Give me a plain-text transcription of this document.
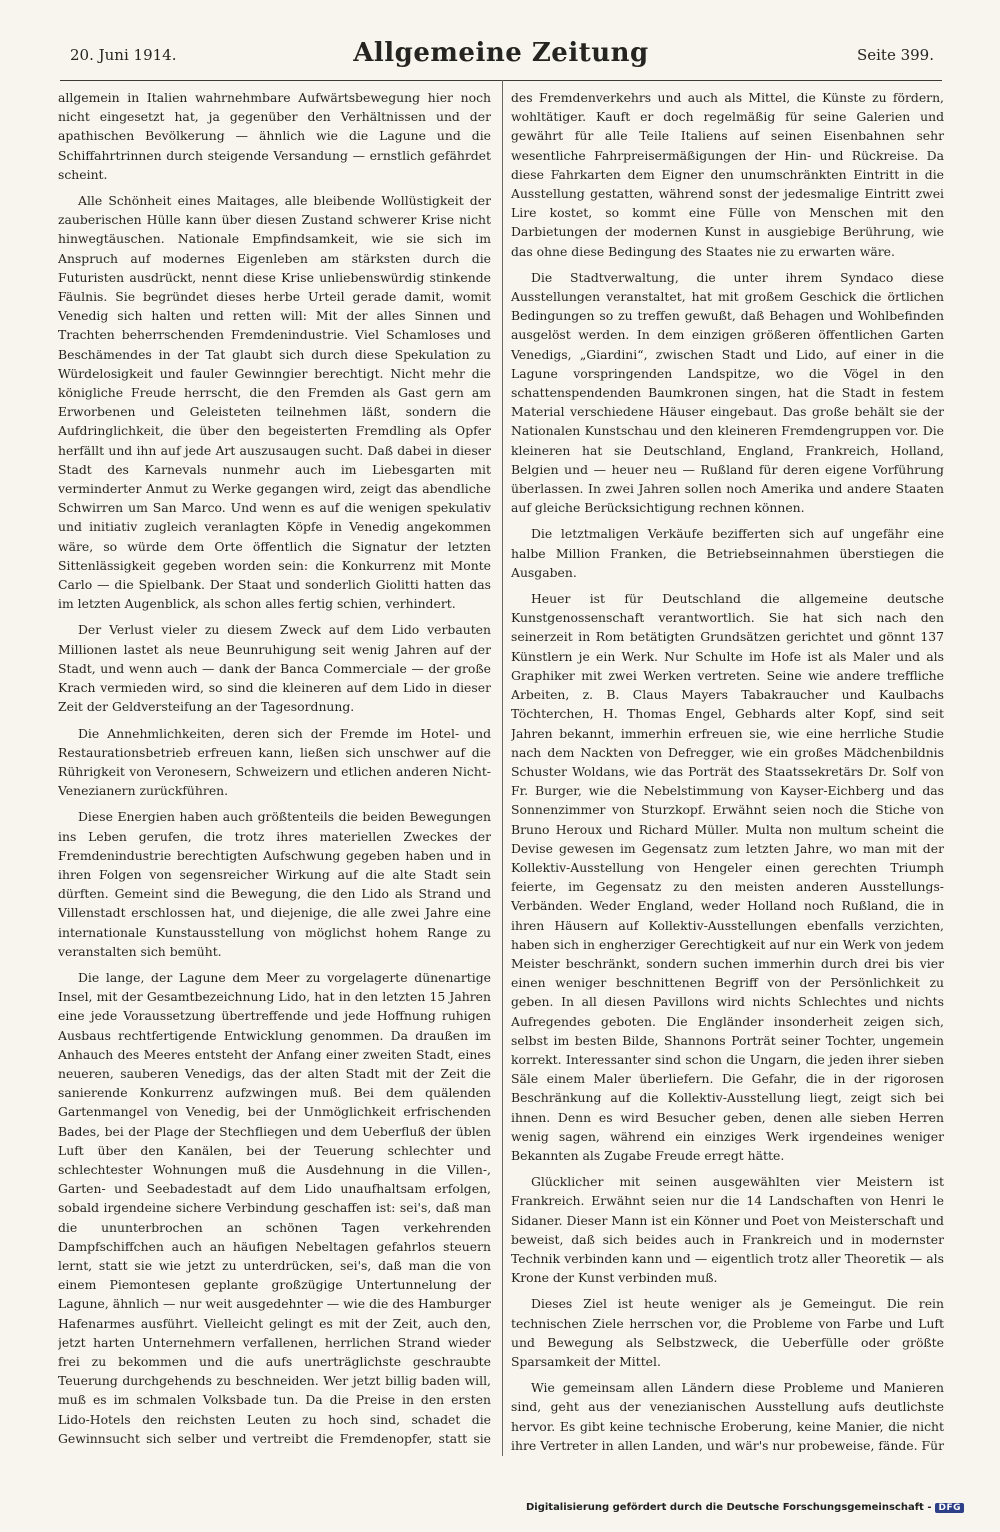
20. Juni 1914.	Allgemeine Zeitung	Seite 399.

allgemein in Italien wahrnehmbare Aufwärtsbewegung hier noch nicht eingesetzt hat, ja gegenüber den Verhältnissen und der apathischen Bevölkerung — ähnlich wie die Lagune und die Schiffahrtrinnen durch steigende Versandung — ernstlich gefährdet scheint.

Alle Schönheit eines Maitages, alle bleibende Wollüstigkeit der zauberischen Hülle kann über diesen Zustand schwerer Krise nicht hinwegtäuschen. Nationale Empfindsamkeit, wie sie sich im Anspruch auf modernes Eigenleben am stärksten durch die Futuristen ausdrückt, nennt diese Krise unliebenswürdig stinkende Fäulnis. Sie begründet dieses herbe Urteil gerade damit, womit Venedig sich halten und retten will: Mit der alles Sinnen und Trachten beherrschenden Fremdenindustrie. Viel Schamloses und Beschämendes in der Tat glaubt sich durch diese Spekulation zu Würdelosigkeit und fauler Gewinngier berechtigt. Nicht mehr die königliche Freude herrscht, die den Fremden als Gast gern am Erworbenen und Geleisteten teilnehmen läßt, sondern die Aufdringlichkeit, die über den begeisterten Fremdling als Opfer herfällt und ihn auf jede Art auszusaugen sucht. Daß dabei in dieser Stadt des Karnevals nunmehr auch im Liebesgarten mit verminderter Anmut zu Werke gegangen wird, zeigt das abendliche Schwirren um San Marco. Und wenn es auf die wenigen spekulativ und initiativ zugleich veranlagten Köpfe in Venedig angekommen wäre, so würde dem Orte öffentlich die Signatur der letzten Sittenlässigkeit gegeben worden sein: die Konkurrenz mit Monte Carlo — die Spielbank. Der Staat und sonderlich Giolitti hatten das im letzten Augenblick, als schon alles fertig schien, verhindert.

Der Verlust vieler zu diesem Zweck auf dem Lido verbauten Millionen lastet als neue Beunruhigung seit wenig Jahren auf der Stadt, und wenn auch — dank der Banca Commerciale — der große Krach vermieden wird, so sind die kleineren auf dem Lido in dieser Zeit der Geldversteifung an der Tagesordnung.

Die Annehmlichkeiten, deren sich der Fremde im Hotel- und Restaurationsbetrieb erfreuen kann, ließen sich unschwer auf die Rührigkeit von Veronesern, Schweizern und etlichen anderen Nicht-Venezianern zurückführen.

Diese Energien haben auch größtenteils die beiden Bewegungen ins Leben gerufen, die trotz ihres materiellen Zweckes der Fremdenindustrie berechtigten Aufschwung gegeben haben und in ihren Folgen von segensreicher Wirkung auf die alte Stadt sein dürften. Gemeint sind die Bewegung, die den Lido als Strand und Villenstadt erschlossen hat, und diejenige, die alle zwei Jahre eine internationale Kunstausstellung von möglichst hohem Range zu veranstalten sich bemüht.

Die lange, der Lagune dem Meer zu vorgelagerte dünenartige Insel, mit der Gesamtbezeichnung Lido, hat in den letzten 15 Jahren eine jede Voraussetzung übertreffende und jede Hoffnung ruhigen Ausbaus rechtfertigende Entwicklung genommen. Da draußen im Anhauch des Meeres entsteht der Anfang einer zweiten Stadt, eines neueren, sauberen Venedigs, das der alten Stadt mit der Zeit die sanierende Konkurrenz aufzwingen muß. Bei dem quälenden Gartenmangel von Venedig, bei der Unmöglichkeit erfrischenden Bades, bei der Plage der Stechfliegen und dem Ueberfluß der üblen Luft über den Kanälen, bei der Teuerung schlechter und schlechtester Wohnungen muß die Ausdehnung in die Villen-, Garten- und Seebadestadt auf dem Lido unaufhaltsam erfolgen, sobald irgendeine sichere Verbindung geschaffen ist: sei's, daß man die ununterbrochen an schönen Tagen verkehrenden Dampfschiffchen auch an häufigen Nebeltagen gefahrlos steuern lernt, statt sie wie jetzt zu unterdrücken, sei's, daß man die von einem Piemontesen geplante großzügige Untertunnelung der Lagune, ähnlich — nur weit ausgedehnter — wie die des Hamburger Hafenarmes ausführt. Vielleicht gelingt es mit der Zeit, auch den, jetzt harten Unternehmern verfallenen, herrlichen Strand wieder frei zu bekommen und die aufs unerträglichste geschraubte Teuerung durchgehends zu beschneiden. Wer jetzt billig baden will, muß es im schmalen Volksbade tun. Da die Preise in den ersten Lido-Hotels den reichsten Leuten zu hoch sind, schadet die Gewinnsucht sich selber und vertreibt die Fremdenopfer, statt sie

des Fremdenverkehrs und auch als Mittel, die Künste zu fördern, wohltätiger. Kauft er doch regelmäßig für seine Galerien und gewährt für alle Teile Italiens auf seinen Eisenbahnen sehr wesentliche Fahrpreisermäßigungen der Hin- und Rückreise. Da diese Fahrkarten dem Eigner den unumschränkten Eintritt in die Ausstellung gestatten, während sonst der jedesmalige Eintritt zwei Lire kostet, so kommt eine Fülle von Menschen mit den Darbietungen der modernen Kunst in ausgiebige Berührung, wie das ohne diese Bedingung des Staates nie zu erwarten wäre.

Die Stadtverwaltung, die unter ihrem Syndaco diese Ausstellungen veranstaltet, hat mit großem Geschick die örtlichen Bedingungen so zu treffen gewußt, daß Behagen und Wohlbefinden ausgelöst werden. In dem einzigen größeren öffentlichen Garten Venedigs, „Giardini“, zwischen Stadt und Lido, auf einer in die Lagune vorspringenden Landspitze, wo die Vögel in den schattenspendenden Baumkronen singen, hat die Stadt in festem Material verschiedene Häuser eingebaut. Das große behält sie der Nationalen Kunstschau und den kleineren Fremdengruppen vor. Die kleineren hat sie Deutschland, England, Frankreich, Holland, Belgien und — heuer neu — Rußland für deren eigene Vorführung überlassen. In zwei Jahren sollen noch Amerika und andere Staaten auf gleiche Berücksichtigung rechnen können.

Die letztmaligen Verkäufe bezifferten sich auf ungefähr eine halbe Million Franken, die Betriebseinnahmen überstiegen die Ausgaben.

Heuer ist für Deutschland die allgemeine deutsche Kunstgenossenschaft verantwortlich. Sie hat sich nach den seinerzeit in Rom betätigten Grundsätzen gerichtet und gönnt 137 Künstlern je ein Werk. Nur Schulte im Hofe ist als Maler und als Graphiker mit zwei Werken vertreten. Seine wie andere treffliche Arbeiten, z. B. Claus Mayers Tabakraucher und Kaulbachs Töchterchen, H. Thomas Engel, Gebhards alter Kopf, sind seit Jahren bekannt, immerhin erfreuen sie, wie eine herrliche Studie nach dem Nackten von Defregger, wie ein großes Mädchenbildnis Schuster Woldans, wie das Porträt des Staatssekretärs Dr. Solf von Fr. Burger, wie die Nebelstimmung von Kayser-Eichberg und das Sonnenzimmer von Sturzkopf. Erwähnt seien noch die Stiche von Bruno Heroux und Richard Müller. Multa non multum scheint die Devise gewesen im Gegensatz zum letzten Jahre, wo man mit der Kollektiv-Ausstellung von Hengeler einen gerechten Triumph feierte, im Gegensatz zu den meisten anderen Ausstellungs-Verbänden. Weder England, weder Holland noch Rußland, die in ihren Häusern auf Kollektiv-Ausstellungen ebenfalls verzichten, haben sich in engherziger Gerechtigkeit auf nur ein Werk von jedem Meister beschränkt, sondern suchen immerhin durch drei bis vier einen weniger beschnittenen Begriff von der Persönlichkeit zu geben. In all diesen Pavillons wird nichts Schlechtes und nichts Aufregendes geboten. Die Engländer insonderheit zeigen sich, selbst im besten Bilde, Shannons Porträt seiner Tochter, ungemein korrekt. Interessanter sind schon die Ungarn, die jeden ihrer sieben Säle einem Maler überliefern. Die Gefahr, die in der rigorosen Beschränkung auf die Kollektiv-Ausstellung liegt, zeigt sich bei ihnen. Denn es wird Besucher geben, denen alle sieben Herren wenig sagen, während ein einziges Werk irgendeines weniger Bekannten als Zugabe Freude erregt hätte.

Glücklicher mit seinen ausgewählten vier Meistern ist Frankreich. Erwähnt seien nur die 14 Landschaften von Henri le Sidaner. Dieser Mann ist ein Könner und Poet von Meisterschaft und beweist, daß sich beides auch in Frankreich und in modernster Technik verbinden kann und — eigentlich trotz aller Theoretik — als Krone der Kunst verbinden muß.

Dieses Ziel ist heute weniger als je Gemeingut. Die rein technischen Ziele herrschen vor, die Probleme von Farbe und Luft und Bewegung als Selbstzweck, die Ueberfülle oder größte Sparsamkeit der Mittel.

Wie gemeinsam allen Ländern diese Probleme und Manieren sind, geht aus der venezianischen Ausstellung aufs deutlichste hervor. Es gibt keine technische Eroberung, keine Manier, die nicht ihre Vertreter in allen Landen, und wär's nur probeweise, fände. Für

Digitalisierung gefördert durch die Deutsche Forschungsgemeinschaft - DFG
